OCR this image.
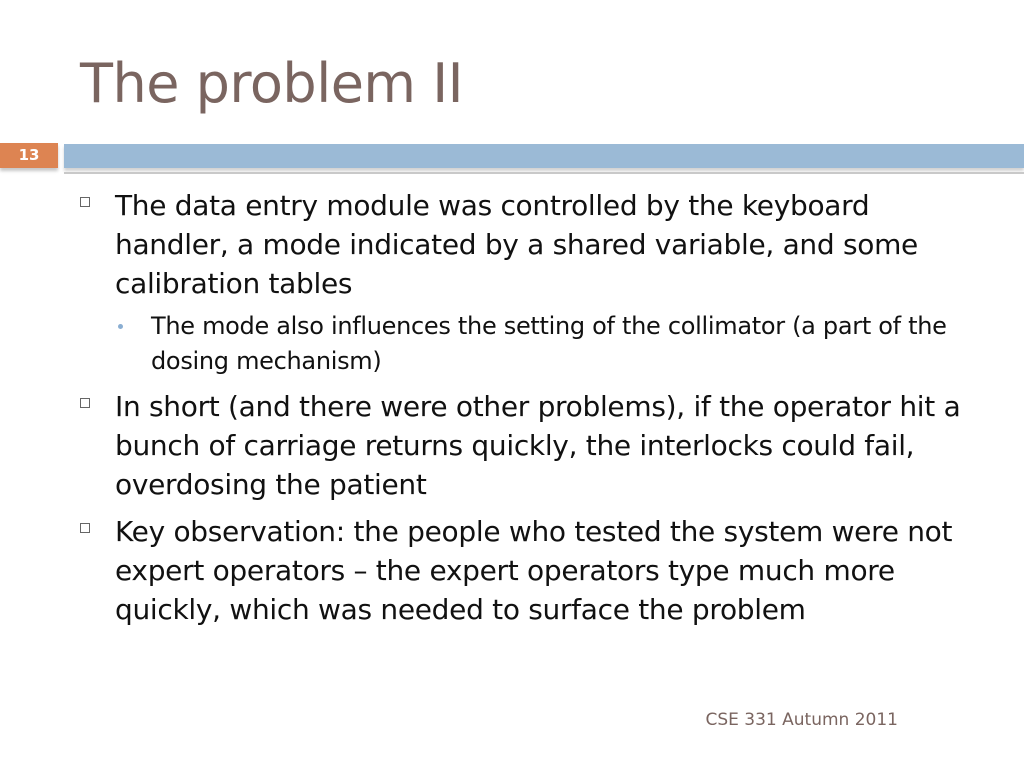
The problem II
13
The data entry module was controlled by the keyboard handler, a mode indicated by a shared variable, and some calibration tables
The mode also influences the setting of the collimator (a part of the dosing mechanism)
In short (and there were other problems), if the operator hit a bunch of carriage returns quickly, the interlocks could fail, overdosing the patient
Key observation: the people who tested the system were not expert operators – the expert operators type much more quickly, which was needed to surface the problem
CSE 331 Autumn 2011
